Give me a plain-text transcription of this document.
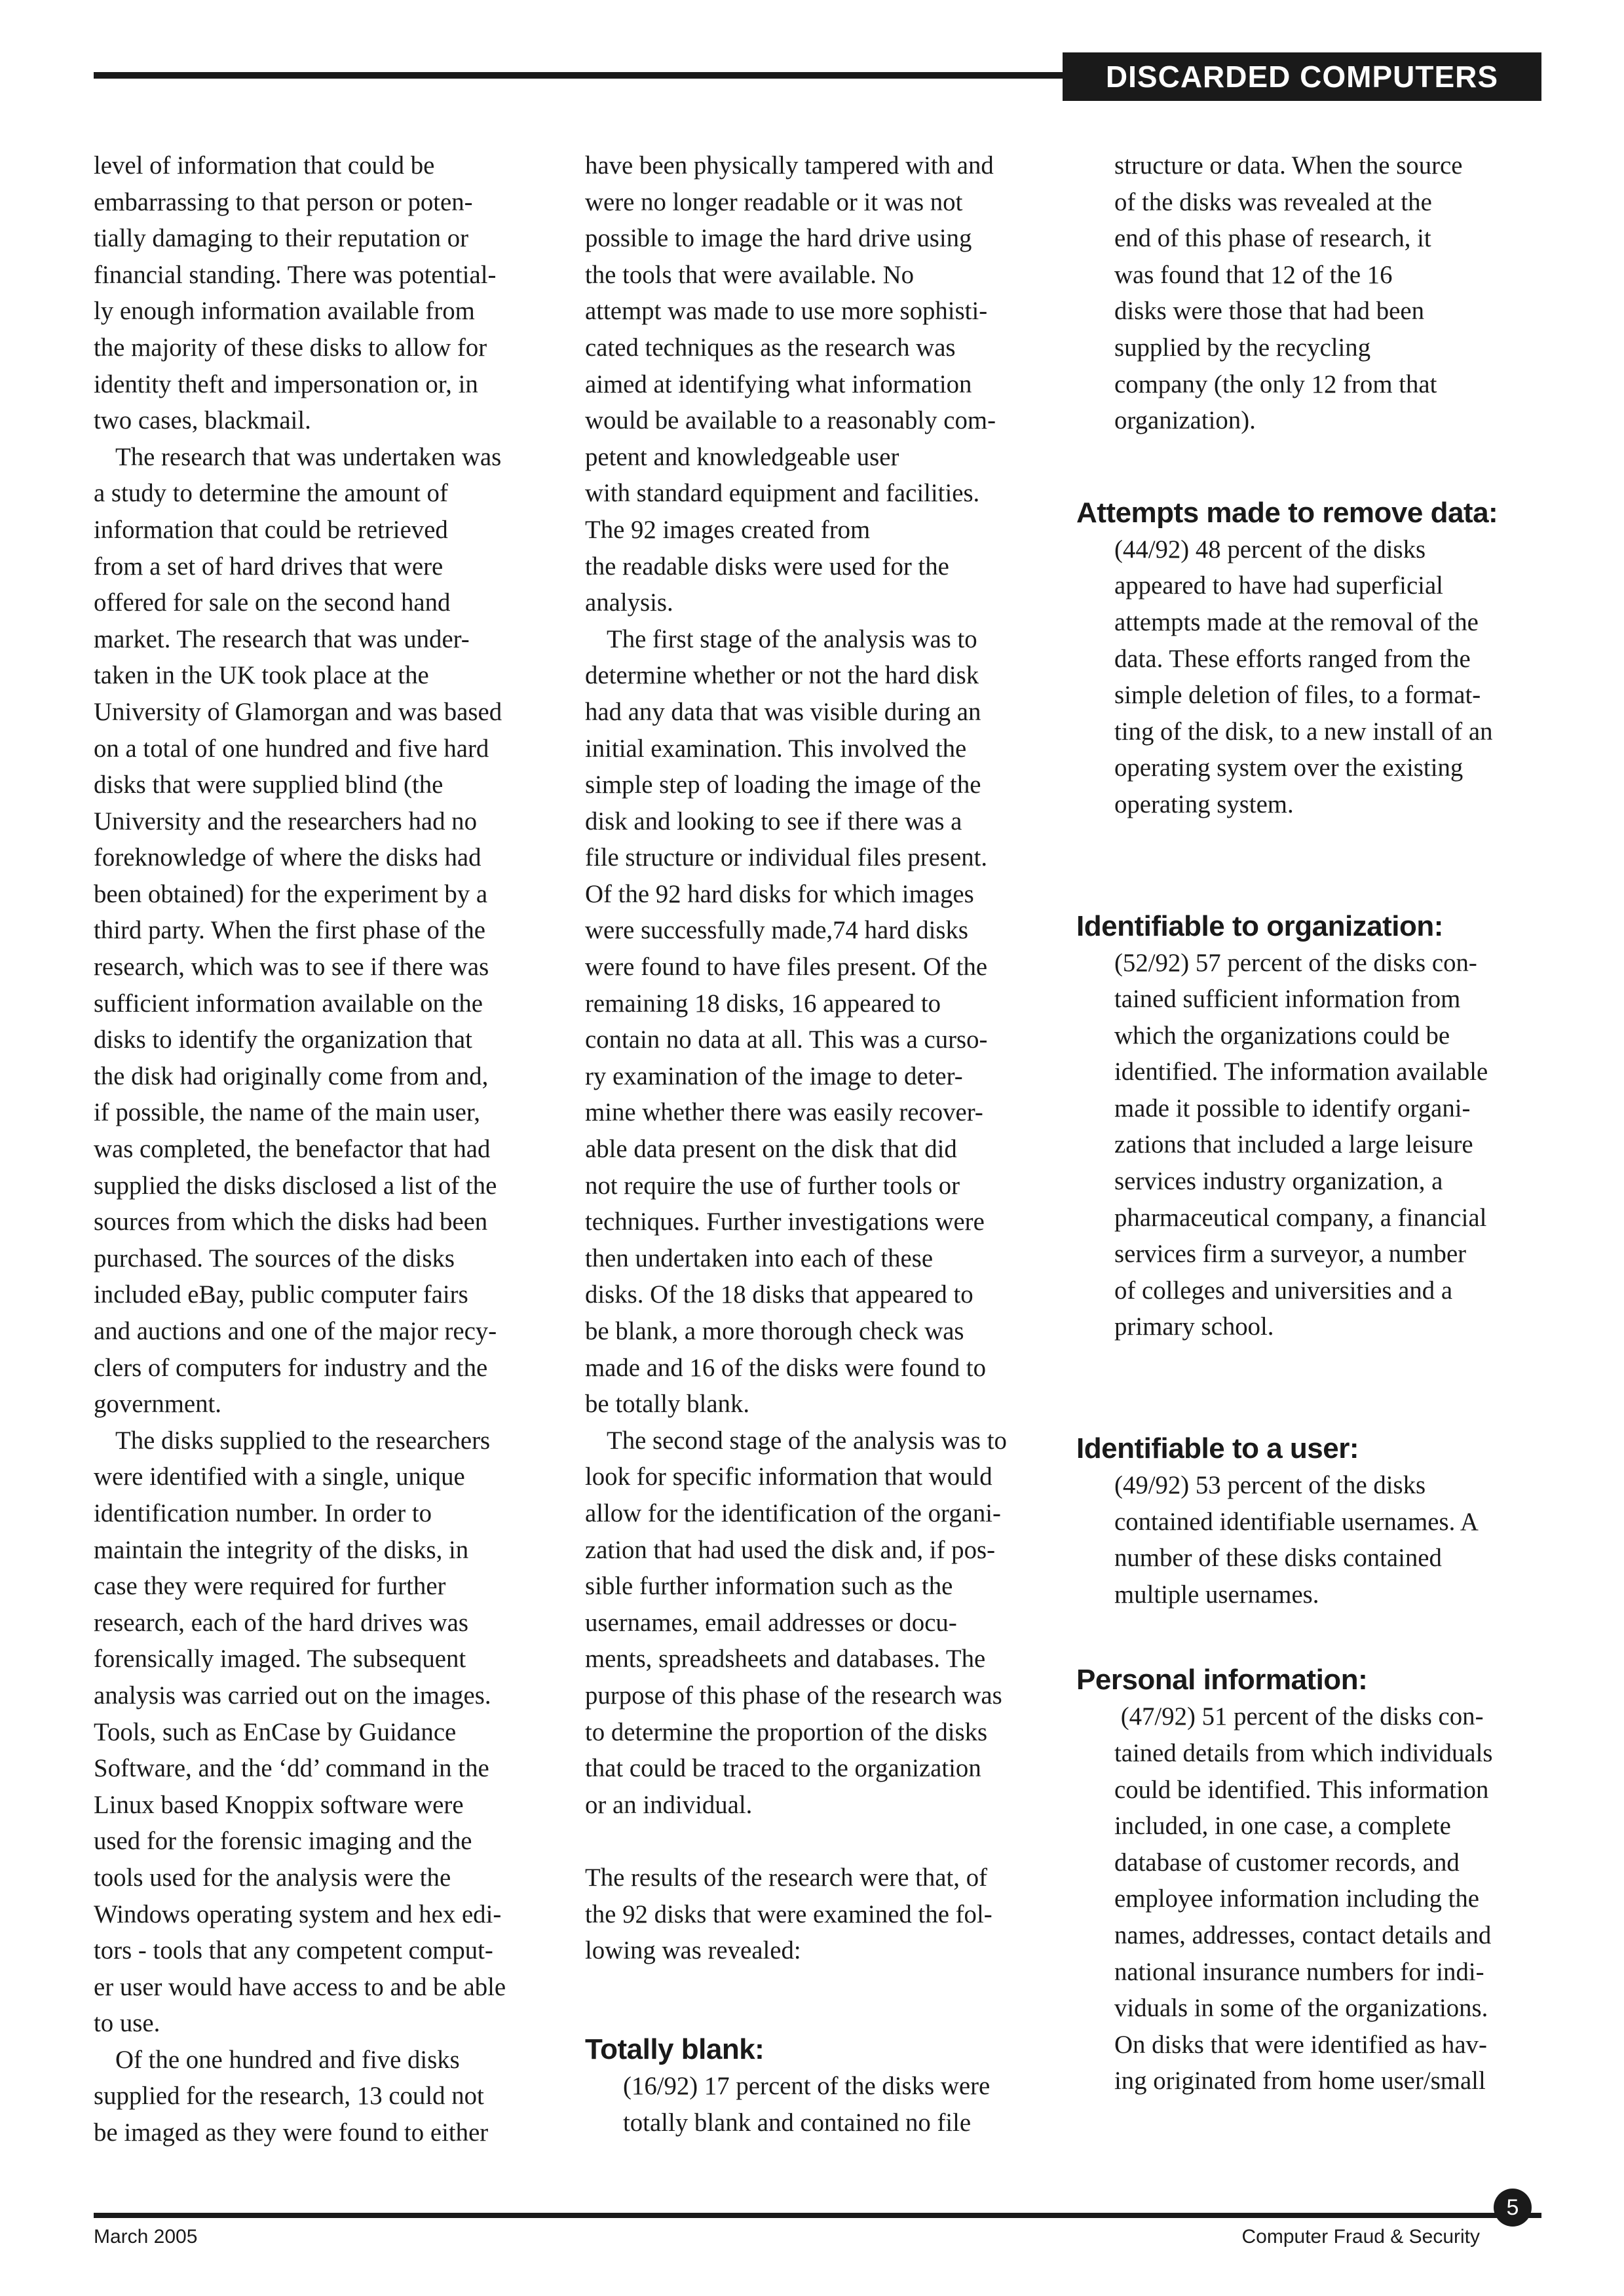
DISCARDED COMPUTERS
level of information that could be
embarrassing to that person or poten-
tially damaging to their reputation or
financial standing. There was potential-
ly enough information available from
the majority of these disks to allow for
identity theft and impersonation or, in
two cases, blackmail.
The research that was undertaken was
a study to determine the amount of
information that could be retrieved
from a set of hard drives that were
offered for sale on the second hand
market. The research that was under-
taken in the UK took place at the
University of Glamorgan and was based
on a total of one hundred and five hard
disks that were supplied blind (the
University and the researchers had no
foreknowledge of where the disks had
been obtained) for the experiment by a
third party. When the first phase of the
research, which was to see if there was
sufficient information available on the
disks to identify the organization that
the disk had originally come from and,
if possible, the name of the main user,
was completed, the benefactor that had
supplied the disks disclosed a list of the
sources from which the disks had been
purchased. The sources of the disks
included eBay, public computer fairs
and auctions and one of the major recy-
clers of computers for industry and the
government.
The disks supplied to the researchers
were identified with a single, unique
identification number. In order to
maintain the integrity of the disks, in
case they were required for further
research, each of the hard drives was
forensically imaged. The subsequent
analysis was carried out on the images.
Tools, such as EnCase by Guidance
Software, and the ‘dd’ command in the
Linux based Knoppix software were
used for the forensic imaging and the
tools used for the analysis were the
Windows operating system and hex edi-
tors - tools that any competent comput-
er user would have access to and be able
to use.
Of the one hundred and five disks
supplied for the research, 13 could not
be imaged as they were found to either
have been physically tampered with and
were no longer readable or it was not
possible to image the hard drive using
the tools that were available. No
attempt was made to use more sophisti-
cated techniques as the research was
aimed at identifying what information
would be available to a reasonably com-
petent and knowledgeable user
with standard equipment and facilities.
The 92 images created from
the readable disks were used for the
analysis.
The first stage of the analysis was to
determine whether or not the hard disk
had any data that was visible during an
initial examination. This involved the
simple step of loading the image of the
disk and looking to see if there was a
file structure or individual files present.
Of the 92 hard disks for which images
were successfully made,74 hard disks
were found to have files present. Of the
remaining 18 disks, 16 appeared to
contain no data at all. This was a curso-
ry examination of the image to deter-
mine whether there was easily recover-
able data present on the disk that did
not require the use of further tools or
techniques. Further investigations were
then undertaken into each of these
disks. Of the 18 disks that appeared to
be blank, a more thorough check was
made and 16 of the disks were found to
be totally blank.
The second stage of the analysis was to
look for specific information that would
allow for the identification of the organi-
zation that had used the disk and, if pos-
sible further information such as the
usernames, email addresses or docu-
ments, spreadsheets and databases. The
purpose of this phase of the research was
to determine the proportion of the disks
that could be traced to the organization
or an individual.
The results of the research were that, of
the 92 disks that were examined the fol-
lowing was revealed:
Totally blank:
(16/92) 17 percent of the disks were
totally blank and contained no file
structure or data. When the source
of the disks was revealed at the
end of this phase of research, it
was found that 12 of the 16
disks were those that had been
supplied by the recycling
company (the only 12 from that
organization).
Attempts made to remove data:
(44/92) 48 percent of the disks
appeared to have had superficial
attempts made at the removal of the
data. These efforts ranged from the
simple deletion of files, to a format-
ting of the disk, to a new install of an
operating system over the existing
operating system.
Identifiable to organization:
(52/92) 57 percent of the disks con-
tained sufficient information from
which the organizations could be
identified. The information available
made it possible to identify organi-
zations that included a large leisure
services industry organization, a
pharmaceutical company, a financial
services firm a surveyor, a number
of colleges and universities and a
primary school.
Identifiable to a user:
(49/92) 53 percent of the disks
contained identifiable usernames. A
number of these disks contained
multiple usernames.
Personal information:
(47/92) 51 percent of the disks con-
tained details from which individuals
could be identified. This information
included, in one case, a complete
database of customer records, and
employee information including the
names, addresses, contact details and
national insurance numbers for indi-
viduals in some of the organizations.
On disks that were identified as hav-
ing originated from home user/small
March 2005	Computer Fraud & Security
5
